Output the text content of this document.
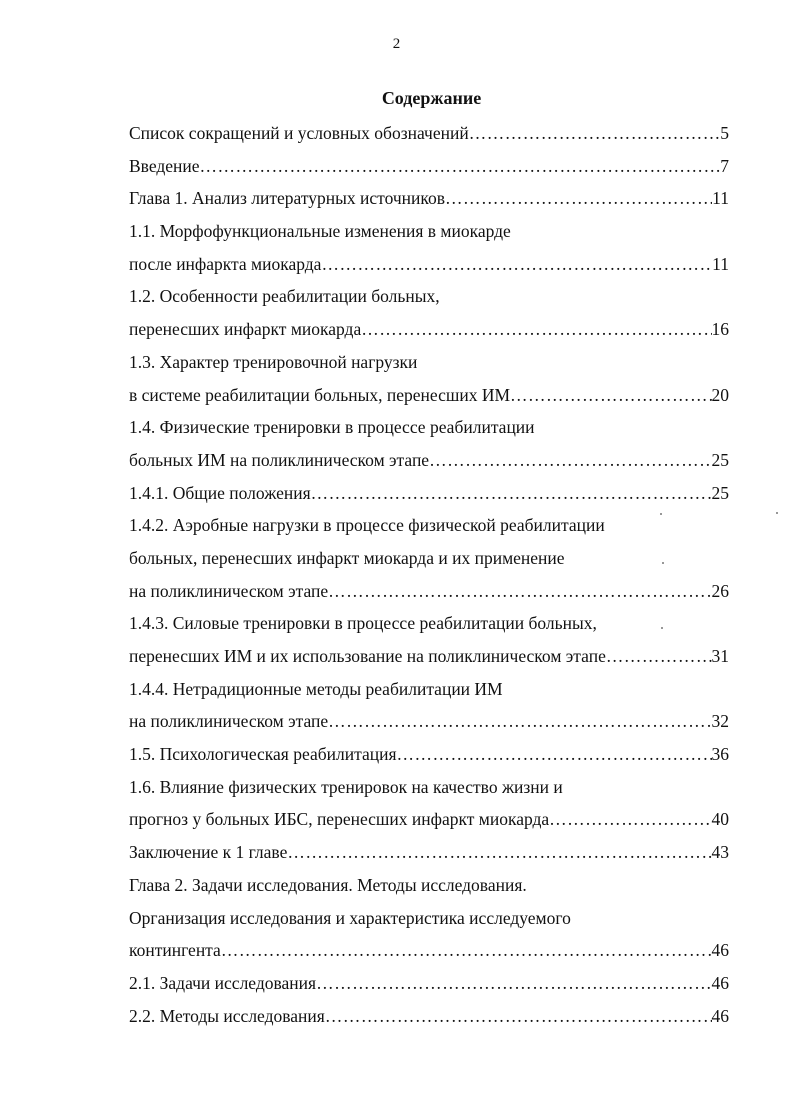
2
Содержание
Список сокращений и условных обозначений ……………………………………………………………………………………………………………………………………………………………	5
Введение ……………………………………………………………………………………………………………………………………………………………	7
Глава 1. Анализ литературных источников ……………………………………………………………………………………………………………………………………………………………	11
1.1. Морфофункциональные изменения в миокарде
после инфаркта миокарда ……………………………………………………………………………………………………………………………………………………………	11
1.2. Особенности реабилитации больных,
перенесших инфаркт миокарда ……………………………………………………………………………………………………………………………………………………………	16
1.3. Характер тренировочной нагрузки
в системе реабилитации больных, перенесших ИМ ……………………………………………………………………………………………………………………………………………………………	20
1.4. Физические тренировки в процессе реабилитации
больных ИМ на поликлиническом этапе ……………………………………………………………………………………………………………………………………………………………	25
1.4.1. Общие положения ……………………………………………………………………………………………………………………………………………………………	25
1.4.2. Аэробные нагрузки в процессе физической реабилитации
больных, перенесших инфаркт миокарда и их применение
на поликлиническом этапе ……………………………………………………………………………………………………………………………………………………………	26
1.4.3. Силовые тренировки в процессе реабилитации больных,
перенесших ИМ и их использование на поликлиническом этапе ……………………………………………………………………………………………………………………………………………………………	31
1.4.4. Нетрадиционные методы реабилитации ИМ
на поликлиническом этапе ……………………………………………………………………………………………………………………………………………………………	32
1.5. Психологическая реабилитация ……………………………………………………………………………………………………………………………………………………………	36
1.6. Влияние физических тренировок на качество жизни и
прогноз у больных ИБС, перенесших инфаркт миокарда ……………………………………………………………………………………………………………………………………………………………	40
Заключение к 1 главе ……………………………………………………………………………………………………………………………………………………………	43
Глава 2. Задачи исследования. Методы исследования.
Организация исследования и характеристика исследуемого
контингента ……………………………………………………………………………………………………………………………………………………………	46
2.1. Задачи исследования ……………………………………………………………………………………………………………………………………………………………	46
2.2. Методы исследования ……………………………………………………………………………………………………………………………………………………………	46
